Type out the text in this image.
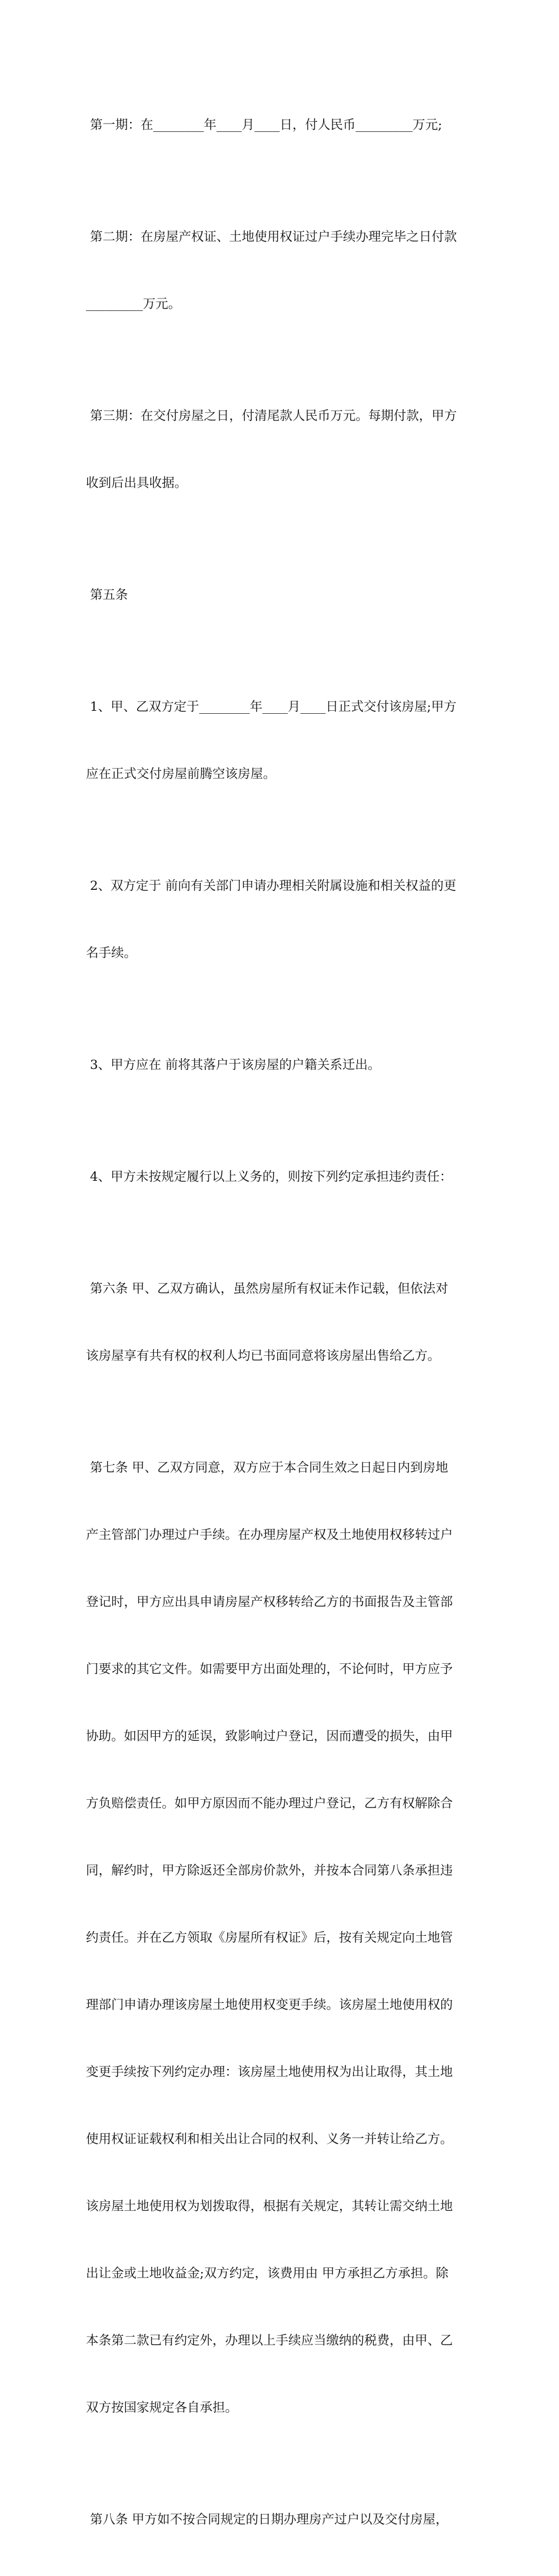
第一期：在________年____月____日，付人民币_________万元;

第二期：在房屋产权证、土地使用权证过户手续办理完毕之日付款

_________万元。

第三期：在交付房屋之日，付清尾款人民币万元。每期付款，甲方

收到后出具收据。

第五条

1、甲、乙双方定于________年____月____日正式交付该房屋;甲方

应在正式交付房屋前腾空该房屋。

2、双方定于 前向有关部门申请办理相关附属设施和相关权益的更

名手续。

3、甲方应在 前将其落户于该房屋的户籍关系迁出。

4、甲方未按规定履行以上义务的，则按下列约定承担违约责任：

第六条 甲、乙双方确认，虽然房屋所有权证未作记载，但依法对

该房屋享有共有权的权利人均已书面同意将该房屋出售给乙方。

第七条 甲、乙双方同意，双方应于本合同生效之日起日内到房地

产主管部门办理过户手续。在办理房屋产权及土地使用权移转过户

登记时，甲方应出具申请房屋产权移转给乙方的书面报告及主管部

门要求的其它文件。如需要甲方出面处理的，不论何时，甲方应予

协助。如因甲方的延误，致影响过户登记，因而遭受的损失，由甲

方负赔偿责任。如甲方原因而不能办理过户登记，乙方有权解除合

同，解约时，甲方除返还全部房价款外，并按本合同第八条承担违

约责任。并在乙方领取《房屋所有权证》后，按有关规定向土地管

理部门申请办理该房屋土地使用权变更手续。该房屋土地使用权的

变更手续按下列约定办理：该房屋土地使用权为出让取得，其土地

使用权证证载权利和相关出让合同的权利、义务一并转让给乙方。

该房屋土地使用权为划拨取得，根据有关规定，其转让需交纳土地

出让金或土地收益金;双方约定，该费用由 甲方承担乙方承担。除

本条第二款已有约定外，办理以上手续应当缴纳的税费，由甲、乙

双方按国家规定各自承担。

第八条 甲方如不按合同规定的日期办理房产过户以及交付房屋，
